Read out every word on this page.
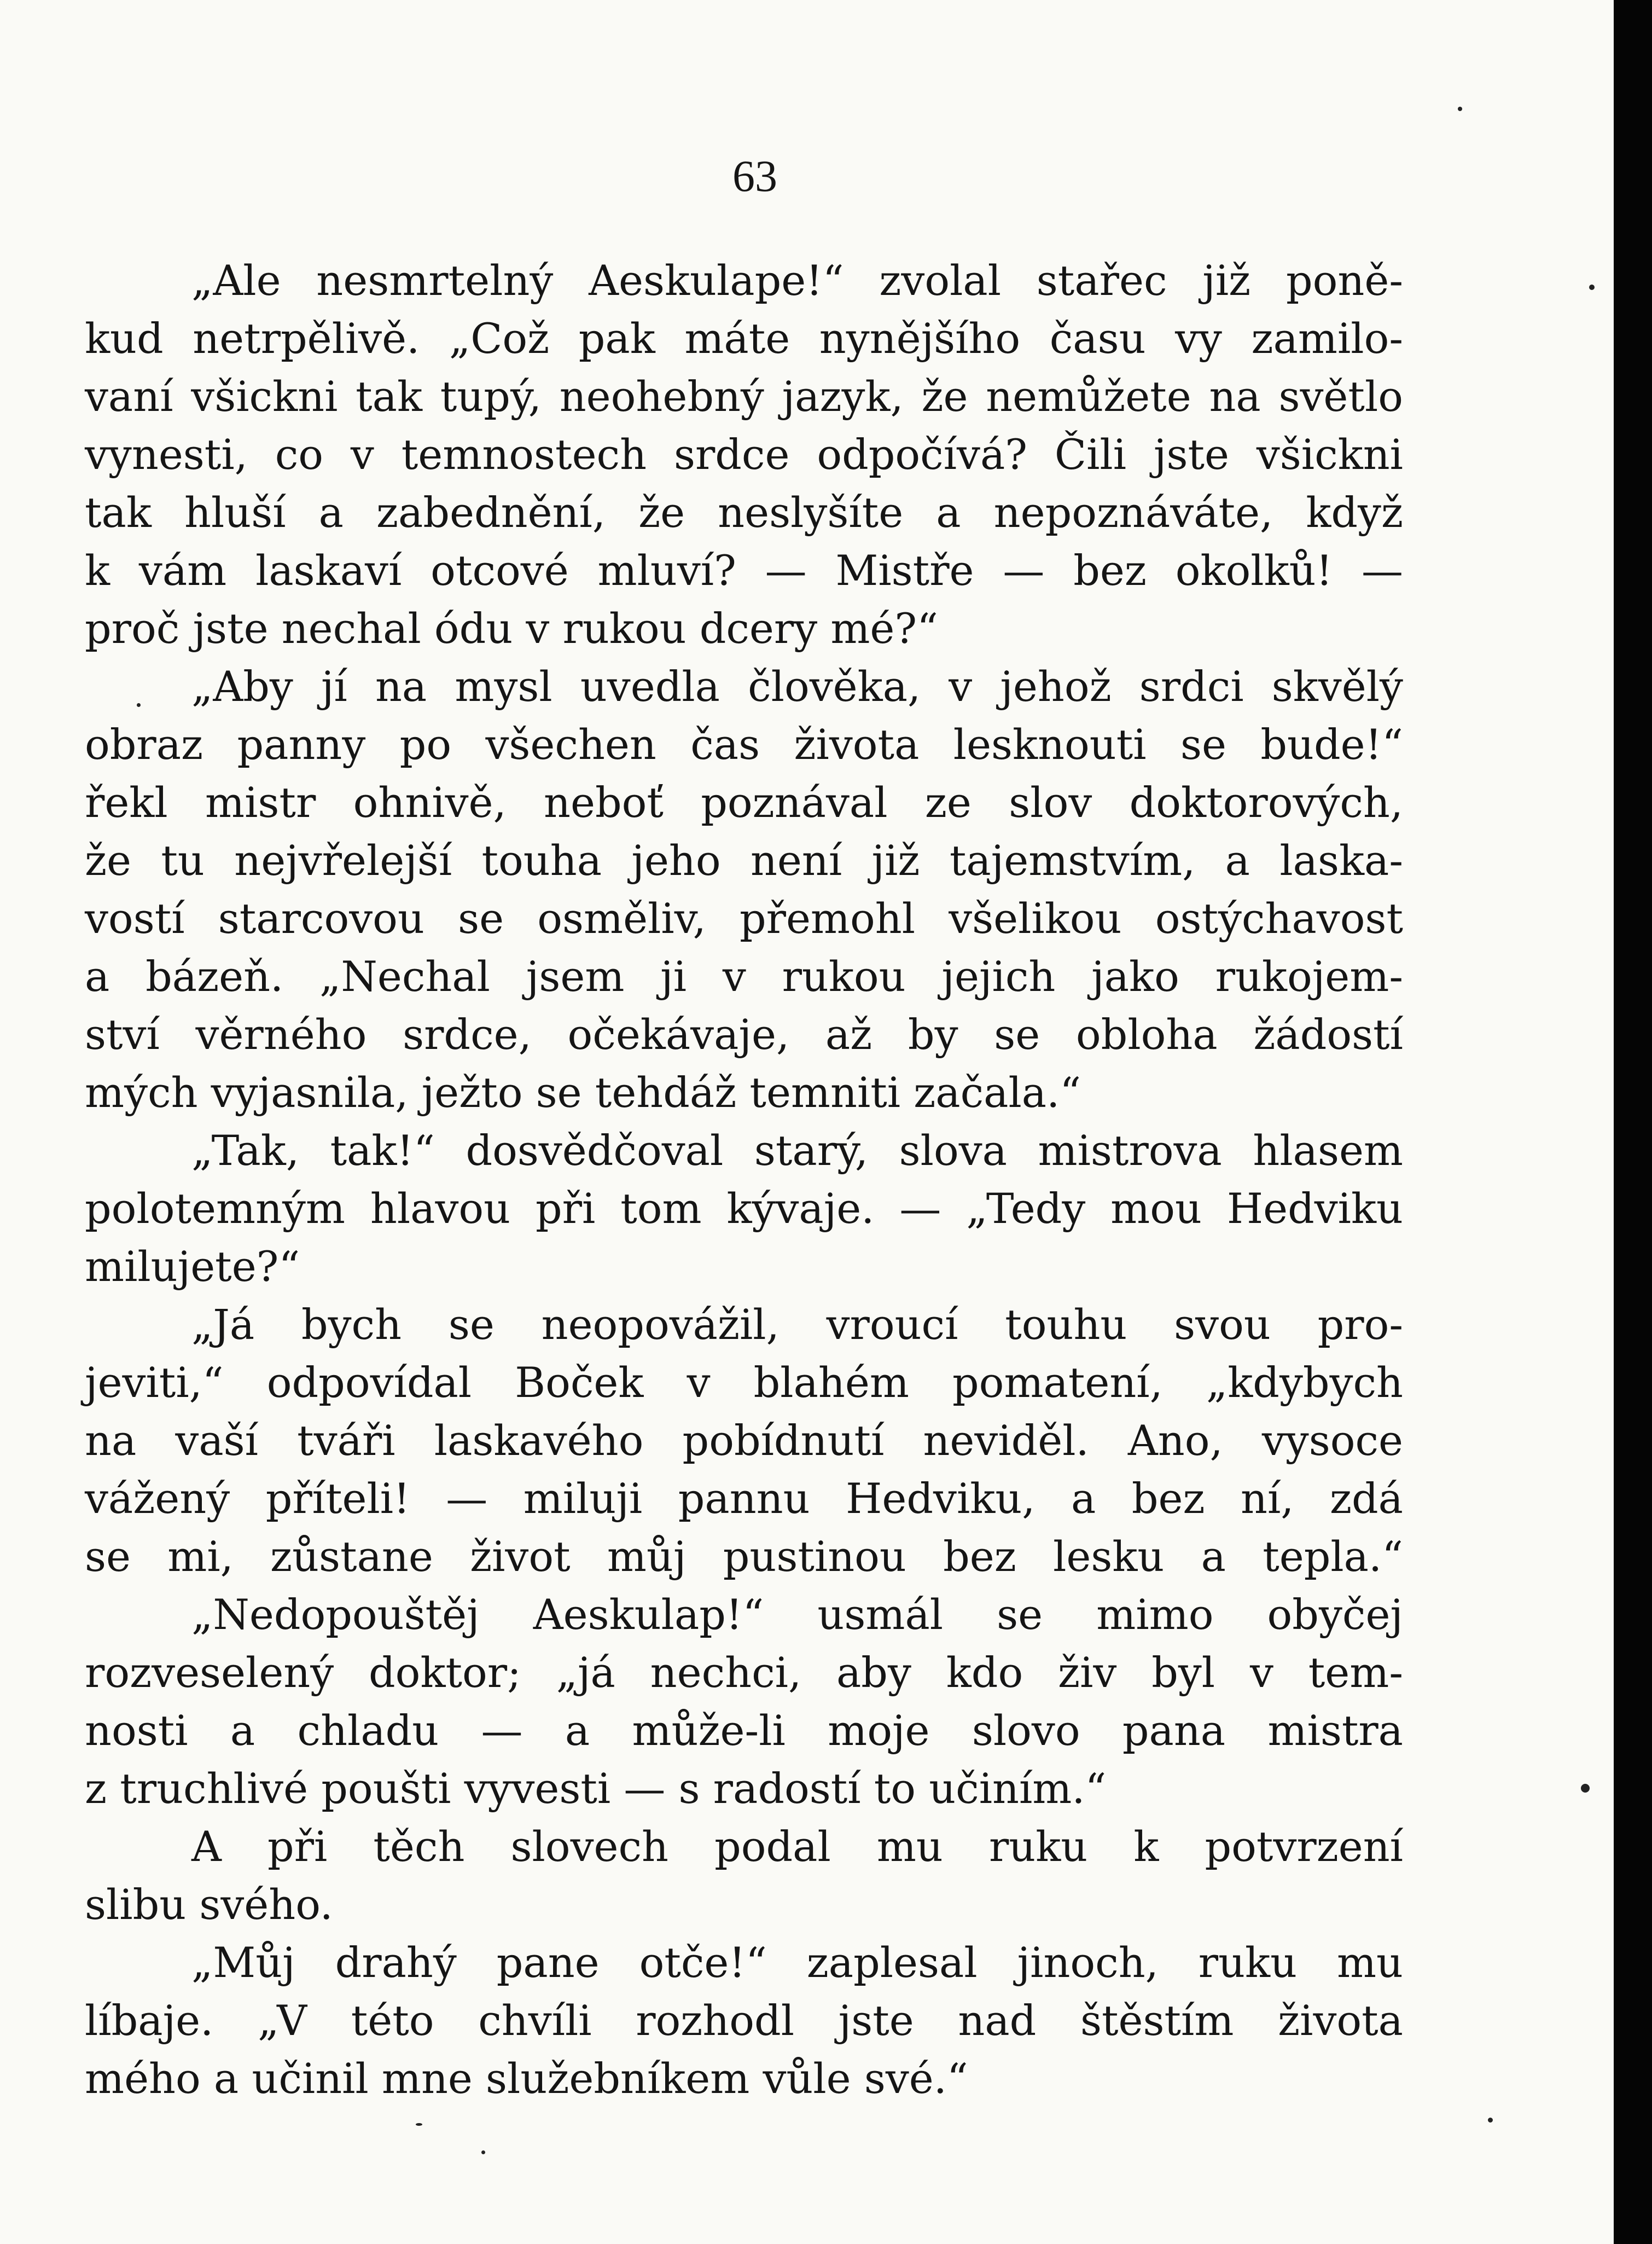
63
„Ale nesmrtelný Aeskulape!“ zvolal stařec již poně-
kud netrpělivě. „Což pak máte nynějšího času vy zamilo-
vaní všickni tak tupý, neohebný jazyk, že nemůžete na světlo
vynesti, co v temnostech srdce odpočívá? Čili jste všickni
tak hluší a zabednění, že neslyšíte a nepoznáváte, když
k vám laskaví otcové mluví? — Mistře — bez okolků! —
proč jste nechal ódu v rukou dcery mé?“
„Aby jí na mysl uvedla člověka, v jehož srdci skvělý
obraz panny po všechen čas života lesknouti se bude!“
řekl mistr ohnivě, neboť poznával ze slov doktorových,
že tu nejvřelejší touha jeho není již tajemstvím, a laska-
vostí starcovou se osměliv, přemohl všelikou ostýchavost
a bázeň. „Nechal jsem ji v rukou jejich jako rukojem-
ství věrného srdce, očekávaje, až by se obloha žádostí
mých vyjasnila, ježto se tehdáž temniti začala.“
„Tak, tak!“ dosvědčoval starý, slova mistrova hlasem
polotemným hlavou při tom kývaje. — „Tedy mou Hedviku
milujete?“
„Já bych se neopovážil, vroucí touhu svou pro-
jeviti,“ odpovídal Boček v blahém pomatení, „kdybych
na vaší tváři laskavého pobídnutí neviděl. Ano, vysoce
vážený příteli! — miluji pannu Hedviku, a bez ní, zdá
se mi, zůstane život můj pustinou bez lesku a tepla.“
„Nedopouštěj Aeskulap!“ usmál se mimo obyčej
rozveselený doktor; „já nechci, aby kdo živ byl v tem-
nosti a chladu — a může-li moje slovo pana mistra
z truchlivé poušti vyvesti — s radostí to učiním.“
A při těch slovech podal mu ruku k potvrzení
slibu svého.
„Můj drahý pane otče!“ zaplesal jinoch, ruku mu
líbaje. „V této chvíli rozhodl jste nad štěstím života
mého a učinil mne služebníkem vůle své.“
